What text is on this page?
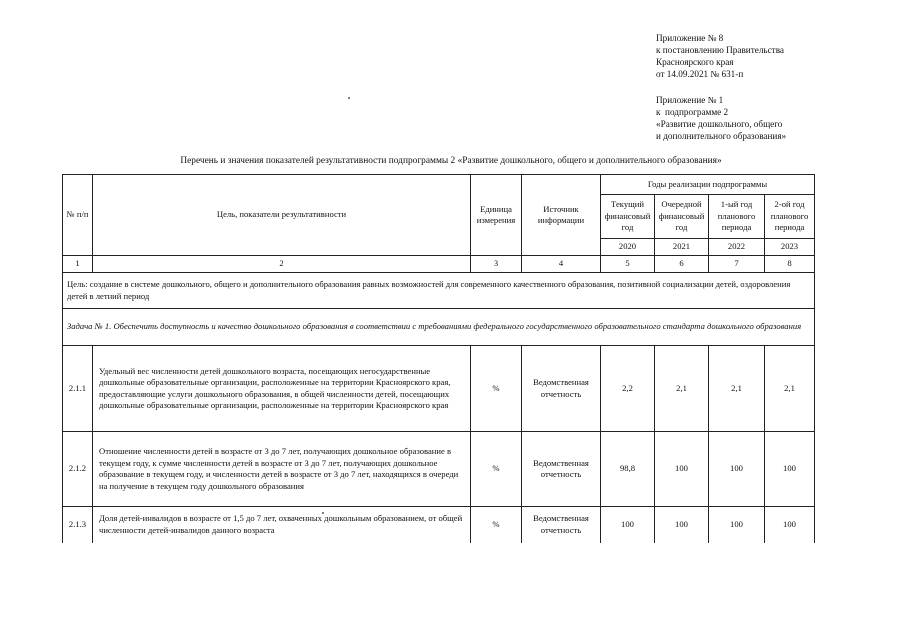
Приложение № 8
к постановлению Правительства
Красноярского края
от 14.09.2021 № 631-п
Приложение № 1
к  подпрограмме 2
«Развитие дошкольного, общего
и дополнительного образования»
Перечень и значения показателей результативности подпрограммы 2 «Развитие дошкольного, общего и дополнительного образования»
№ п/п	Цель, показатели результативности	Единица измерения	Источник информации	Годы реализации подпрограммы			
				Текущий финансовый год	Очередной финансовый год	1-ый год планового периода	2-ой год планового периода
				2020	2021	2022	2023
1	2	3	4	5	6	7	8
Цель: создание в системе дошкольного, общего и дополнительного образования равных возможностей для современного качественного образования, позитивной социализации детей, оздоровления детей в летний период							
Задача № 1. Обеспечить доступность и качество дошкольного образования в соответствии с требованиями федерального государственного образовательного стандарта дошкольного образования							
2.1.1	Удельный вес численности детей дошкольного возраста, посещающих негосударственные дошкольные образовательные организации, расположенные на территории Красноярского края, предоставляющие услуги дошкольного образования, в общей численности детей, посещающих дошкольные образовательные организации, расположенные на территории Красноярского края	%	Ведомственная отчетность	2,2	2,1	2,1	2,1
2.1.2	Отношение численности детей в возрасте от 3 до 7 лет, получающих дошкольное образование в текущем году, к сумме численности детей в возрасте от 3 до 7 лет, получающих дошкольное образование в текущем году, и численности детей в возрасте от 3 до 7 лет, находящихся в очереди на получение в текущем году дошкольного образования	%	Ведомственная отчетность	98,8	100	100	100
2.1.3	Доля детей-инвалидов в возрасте от 1,5 до 7 лет, охваченных дошкольным образованием, от общей численности детей-инвалидов данного возраста	%	Ведомственная отчетность	100	100	100	100
